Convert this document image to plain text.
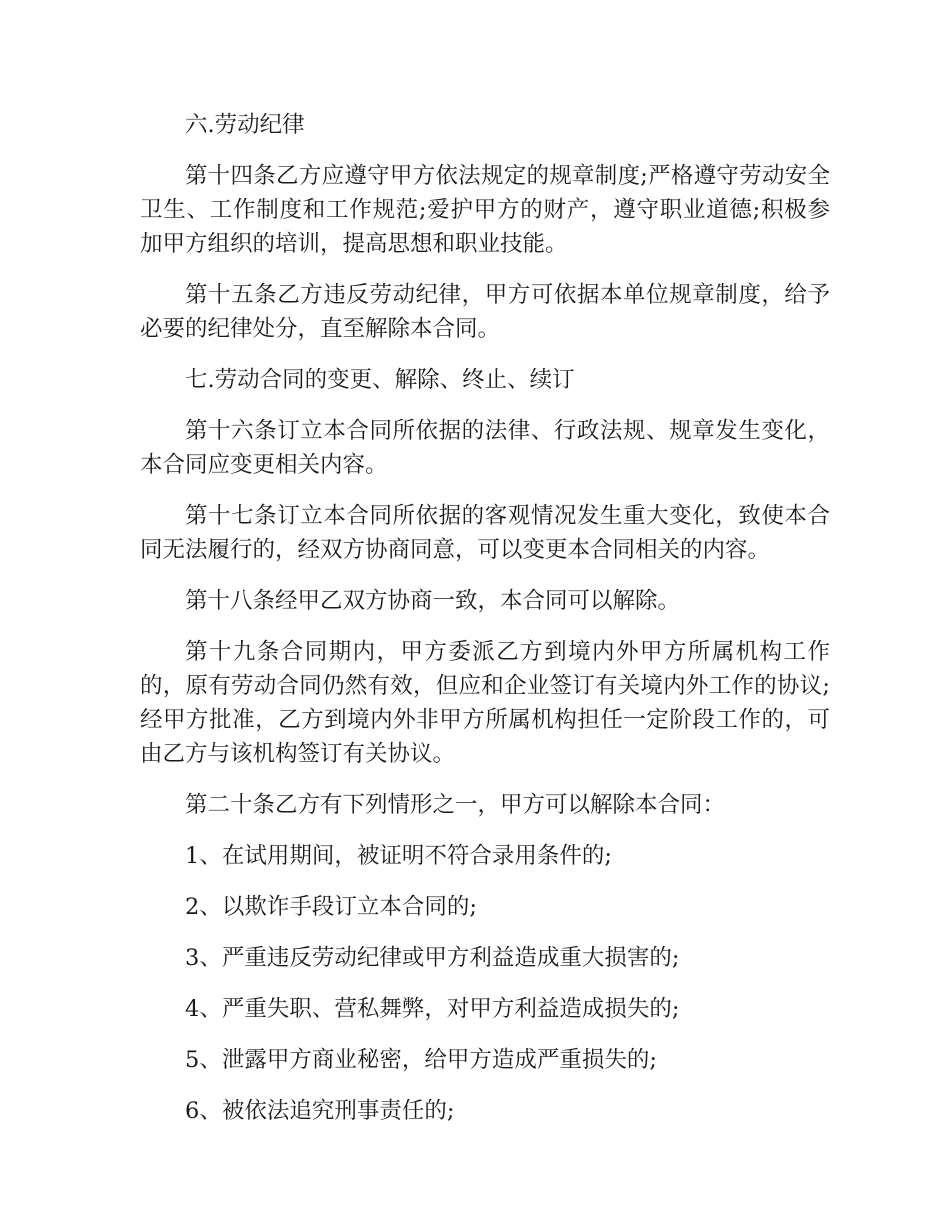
六.劳动纪律

第十四条乙方应遵守甲方依法规定的规章制度;严格遵守劳动安全卫生、工作制度和工作规范;爱护甲方的财产，遵守职业道德;积极参加甲方组织的培训，提高思想和职业技能。

第十五条乙方违反劳动纪律，甲方可依据本单位规章制度，给予必要的纪律处分，直至解除本合同。

七.劳动合同的变更、解除、终止、续订

第十六条订立本合同所依据的法律、行政法规、规章发生变化，本合同应变更相关内容。

第十七条订立本合同所依据的客观情况发生重大变化，致使本合同无法履行的，经双方协商同意，可以变更本合同相关的内容。

第十八条经甲乙双方协商一致，本合同可以解除。

第十九条合同期内，甲方委派乙方到境内外甲方所属机构工作的，原有劳动合同仍然有效，但应和企业签订有关境内外工作的协议;经甲方批准，乙方到境内外非甲方所属机构担任一定阶段工作的，可由乙方与该机构签订有关协议。

第二十条乙方有下列情形之一，甲方可以解除本合同：

1、在试用期间，被证明不符合录用条件的;

2、以欺诈手段订立本合同的;

3、严重违反劳动纪律或甲方利益造成重大损害的;

4、严重失职、营私舞弊，对甲方利益造成损失的;

5、泄露甲方商业秘密，给甲方造成严重损失的;

6、被依法追究刑事责任的;
